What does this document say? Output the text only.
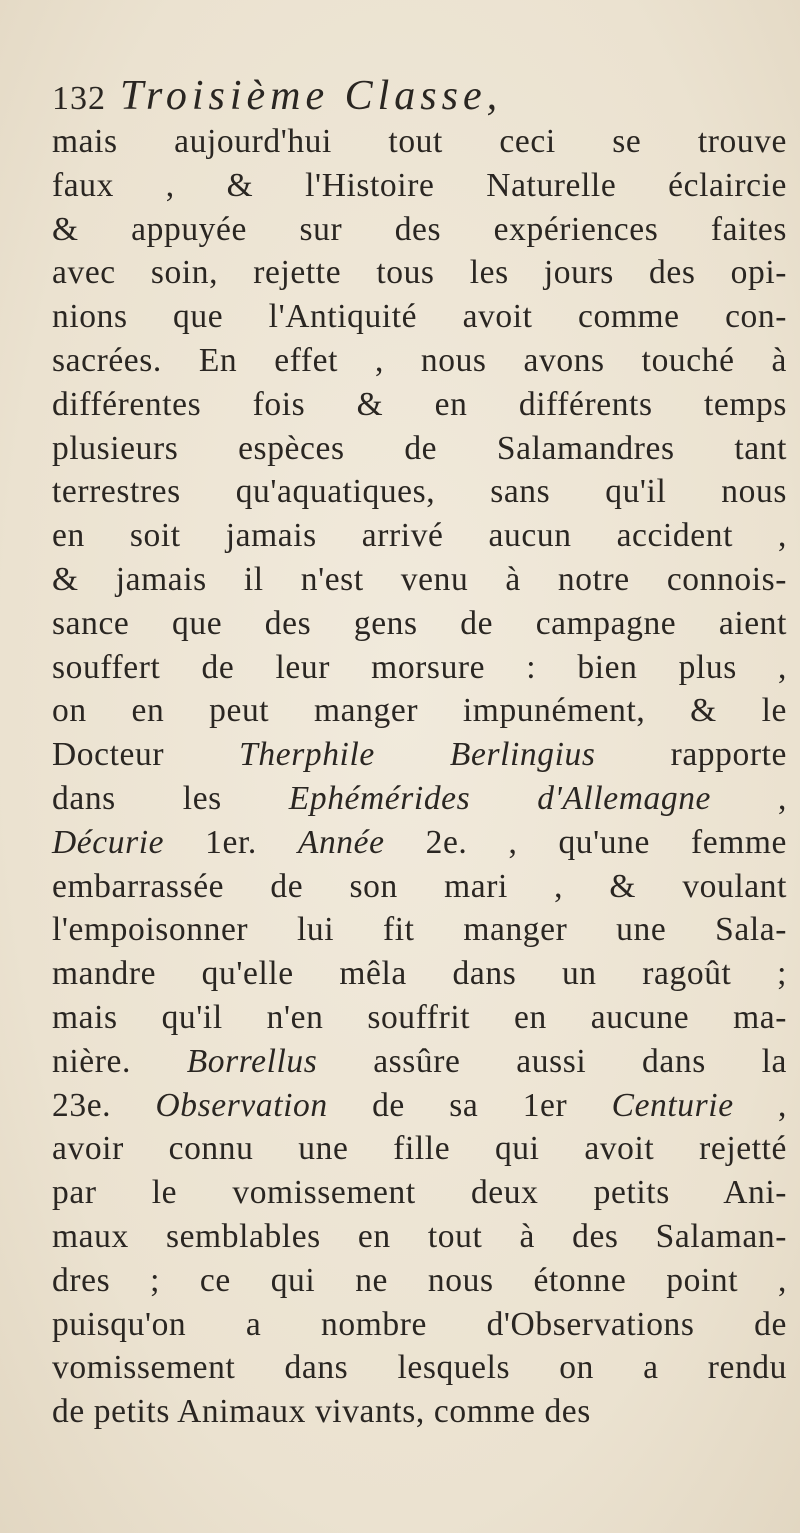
132 Troisième Classe,
mais aujourd'hui tout ceci se trouve
faux , & l'Histoire Naturelle éclaircie
& appuyée sur des expériences faites
avec soin, rejette tous les jours des opi-
nions que l'Antiquité avoit comme con-
sacrées. En effet , nous avons touché à
différentes fois & en différents temps
plusieurs espèces de Salamandres tant
terrestres qu'aquatiques, sans qu'il nous
en soit jamais arrivé aucun accident ,
& jamais il n'est venu à notre connois-
sance que des gens de campagne aient
souffert de leur morsure : bien plus ,
on en peut manger impunément, & le
Docteur Therphile Berlingius rapporte
dans les Ephémérides d'Allemagne ,
Décurie 1er. Année 2e. , qu'une femme
embarrassée de son mari , & voulant
l'empoisonner lui fit manger une Sala-
mandre qu'elle mêla dans un ragoût ;
mais qu'il n'en souffrit en aucune ma-
nière. Borrellus assûre aussi dans la
23e. Observation de sa 1er Centurie ,
avoir connu une fille qui avoit rejetté
par le vomissement deux petits Ani-
maux semblables en tout à des Salaman-
dres ; ce qui ne nous étonne point ,
puisqu'on a nombre d'Observations de
vomissement dans lesquels on a rendu
de petits Animaux vivants, comme des
